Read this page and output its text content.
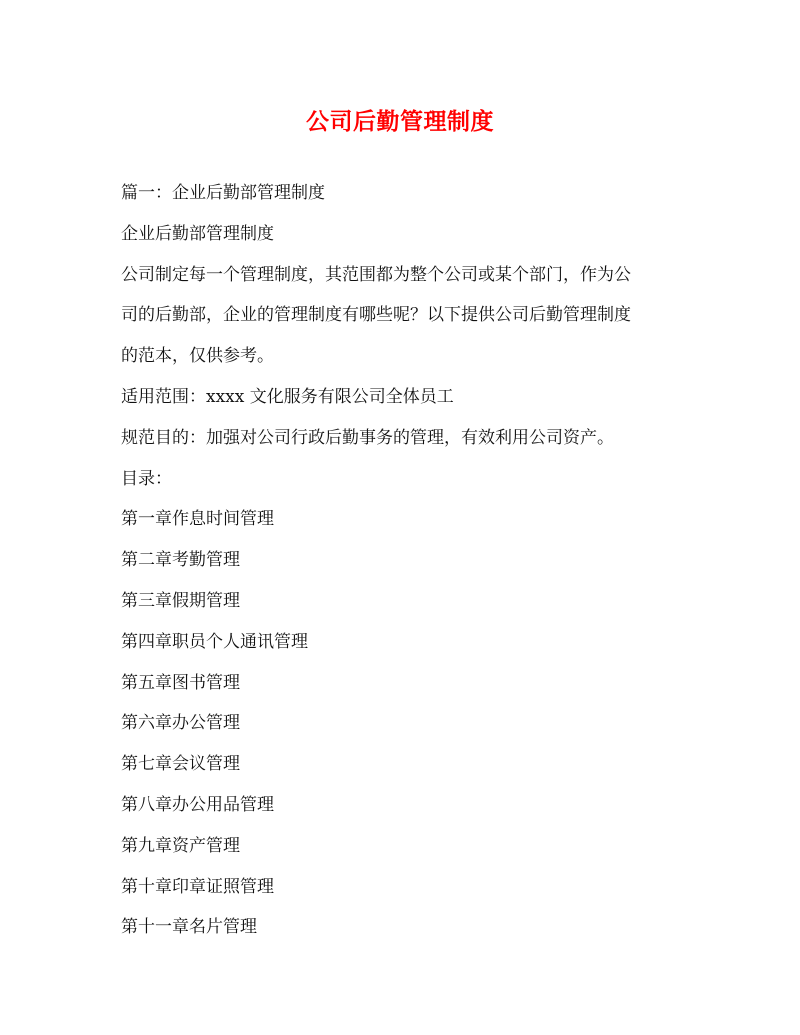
公司后勤管理制度
篇一：企业后勤部管理制度
企业后勤部管理制度
公司制定每一个管理制度，其范围都为整个公司或某个部门，作为公
司的后勤部，企业的管理制度有哪些呢？以下提供公司后勤管理制度
的范本，仅供参考。
适用范围：xxxx 文化服务有限公司全体员工
规范目的：加强对公司行政后勤事务的管理，有效利用公司资产。
目录：
第一章作息时间管理
第二章考勤管理
第三章假期管理
第四章职员个人通讯管理
第五章图书管理
第六章办公管理
第七章会议管理
第八章办公用品管理
第九章资产管理
第十章印章证照管理
第十一章名片管理
